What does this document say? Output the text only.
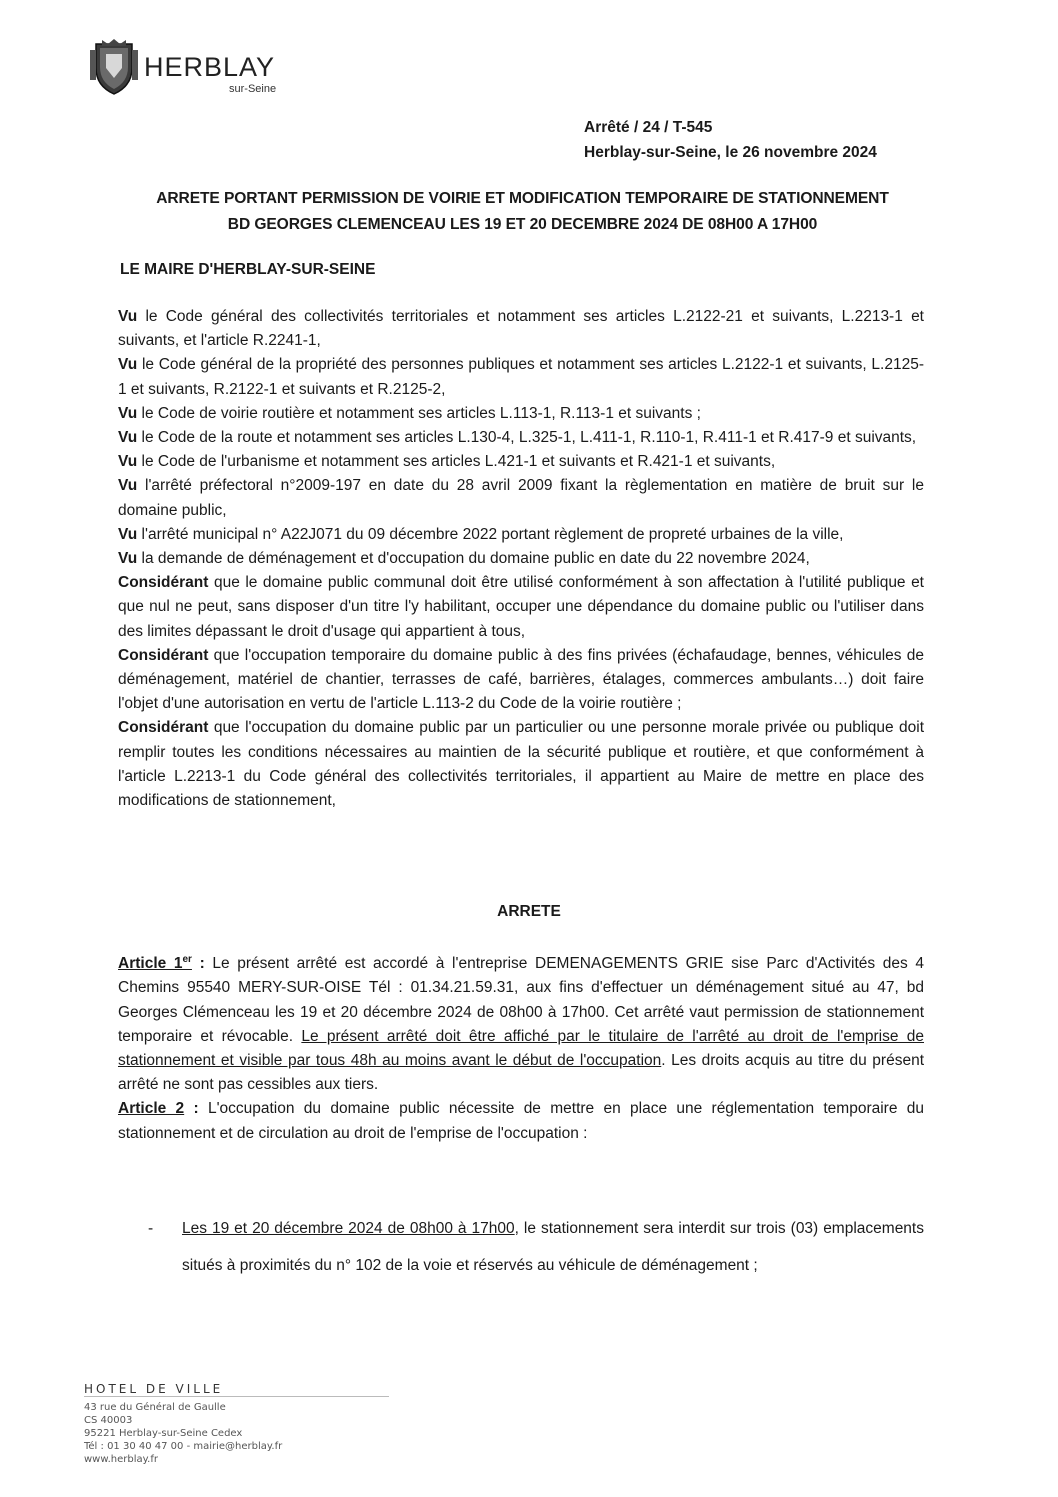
HERBLAY
sur-Seine
Arrêté / 24 / T-545
Herblay-sur-Seine, le 26 novembre 2024
ARRETE PORTANT PERMISSION DE VOIRIE ET MODIFICATION TEMPORAIRE DE STATIONNEMENT
BD GEORGES CLEMENCEAU LES 19 ET 20 DECEMBRE 2024 DE 08H00 A 17H00
LE MAIRE D'HERBLAY-SUR-SEINE

Vu le Code général des collectivités territoriales et notamment ses articles L.2122-21 et suivants, L.2213-1 et suivants, et l'article R.2241-1,

Vu le Code général de la propriété des personnes publiques et notamment ses articles L.2122-1 et suivants, L.2125-1 et suivants, R.2122-1 et suivants et R.2125-2,

Vu le Code de voirie routière et notamment ses articles L.113-1, R.113-1 et suivants ;

Vu le Code de la route et notamment ses articles L.130-4, L.325-1, L.411-1, R.110-1, R.411-1 et R.417-9 et suivants,

Vu le Code de l'urbanisme et notamment ses articles L.421-1 et suivants et R.421-1 et suivants,

Vu l'arrêté préfectoral n°2009-197 en date du 28 avril 2009 fixant la règlementation en matière de bruit sur le domaine public,

Vu l'arrêté municipal n° A22J071 du 09 décembre 2022 portant règlement de propreté urbaines de la ville,

Vu la demande de déménagement et d'occupation du domaine public en date du 22 novembre 2024,

Considérant que le domaine public communal doit être utilisé conformément à son affectation à l'utilité publique et que nul ne peut, sans disposer d'un titre l'y habilitant, occuper une dépendance du domaine public ou l'utiliser dans des limites dépassant le droit d'usage qui appartient à tous,

Considérant que l'occupation temporaire du domaine public à des fins privées (échafaudage, bennes, véhicules de déménagement, matériel de chantier, terrasses de café, barrières, étalages, commerces ambulants…) doit faire l'objet d'une autorisation en vertu de l'article L.113-2 du Code de la voirie routière ;

Considérant que l'occupation du domaine public par un particulier ou une personne morale privée ou publique doit remplir toutes les conditions nécessaires au maintien de la sécurité publique et routière, et que conformément à l'article L.2213-1 du Code général des collectivités territoriales, il appartient au Maire de mettre en place des modifications de stationnement,

ARRETE

Article 1er : Le présent arrêté est accordé à l'entreprise DEMENAGEMENTS GRIE sise Parc d'Activités des 4 Chemins 95540 MERY-SUR-OISE Tél : 01.34.21.59.31, aux fins d'effectuer un déménagement situé au 47, bd Georges Clémenceau les 19 et 20 décembre 2024 de 08h00 à 17h00. Cet arrêté vaut permission de stationnement temporaire et révocable. Le présent arrêté doit être affiché par le titulaire de l'arrêté au droit de l'emprise de stationnement et visible par tous 48h au moins avant le début de l'occupation. Les droits acquis au titre du présent arrêté ne sont pas cessibles aux tiers.

Article 2 : L'occupation du domaine public nécessite de mettre en place une réglementation temporaire du stationnement et de circulation au droit de l'emprise de l'occupation :

- Les 19 et 20 décembre 2024 de 08h00 à 17h00, le stationnement sera interdit sur trois (03) emplacements situés à proximités du n° 102 de la voie et réservés au véhicule de déménagement ;
HOTEL DE VILLE
43 rue du Général de Gaulle
CS 40003
95221 Herblay-sur-Seine Cedex
Tél : 01 30 40 47 00 - mairie@herblay.fr
www.herblay.fr
